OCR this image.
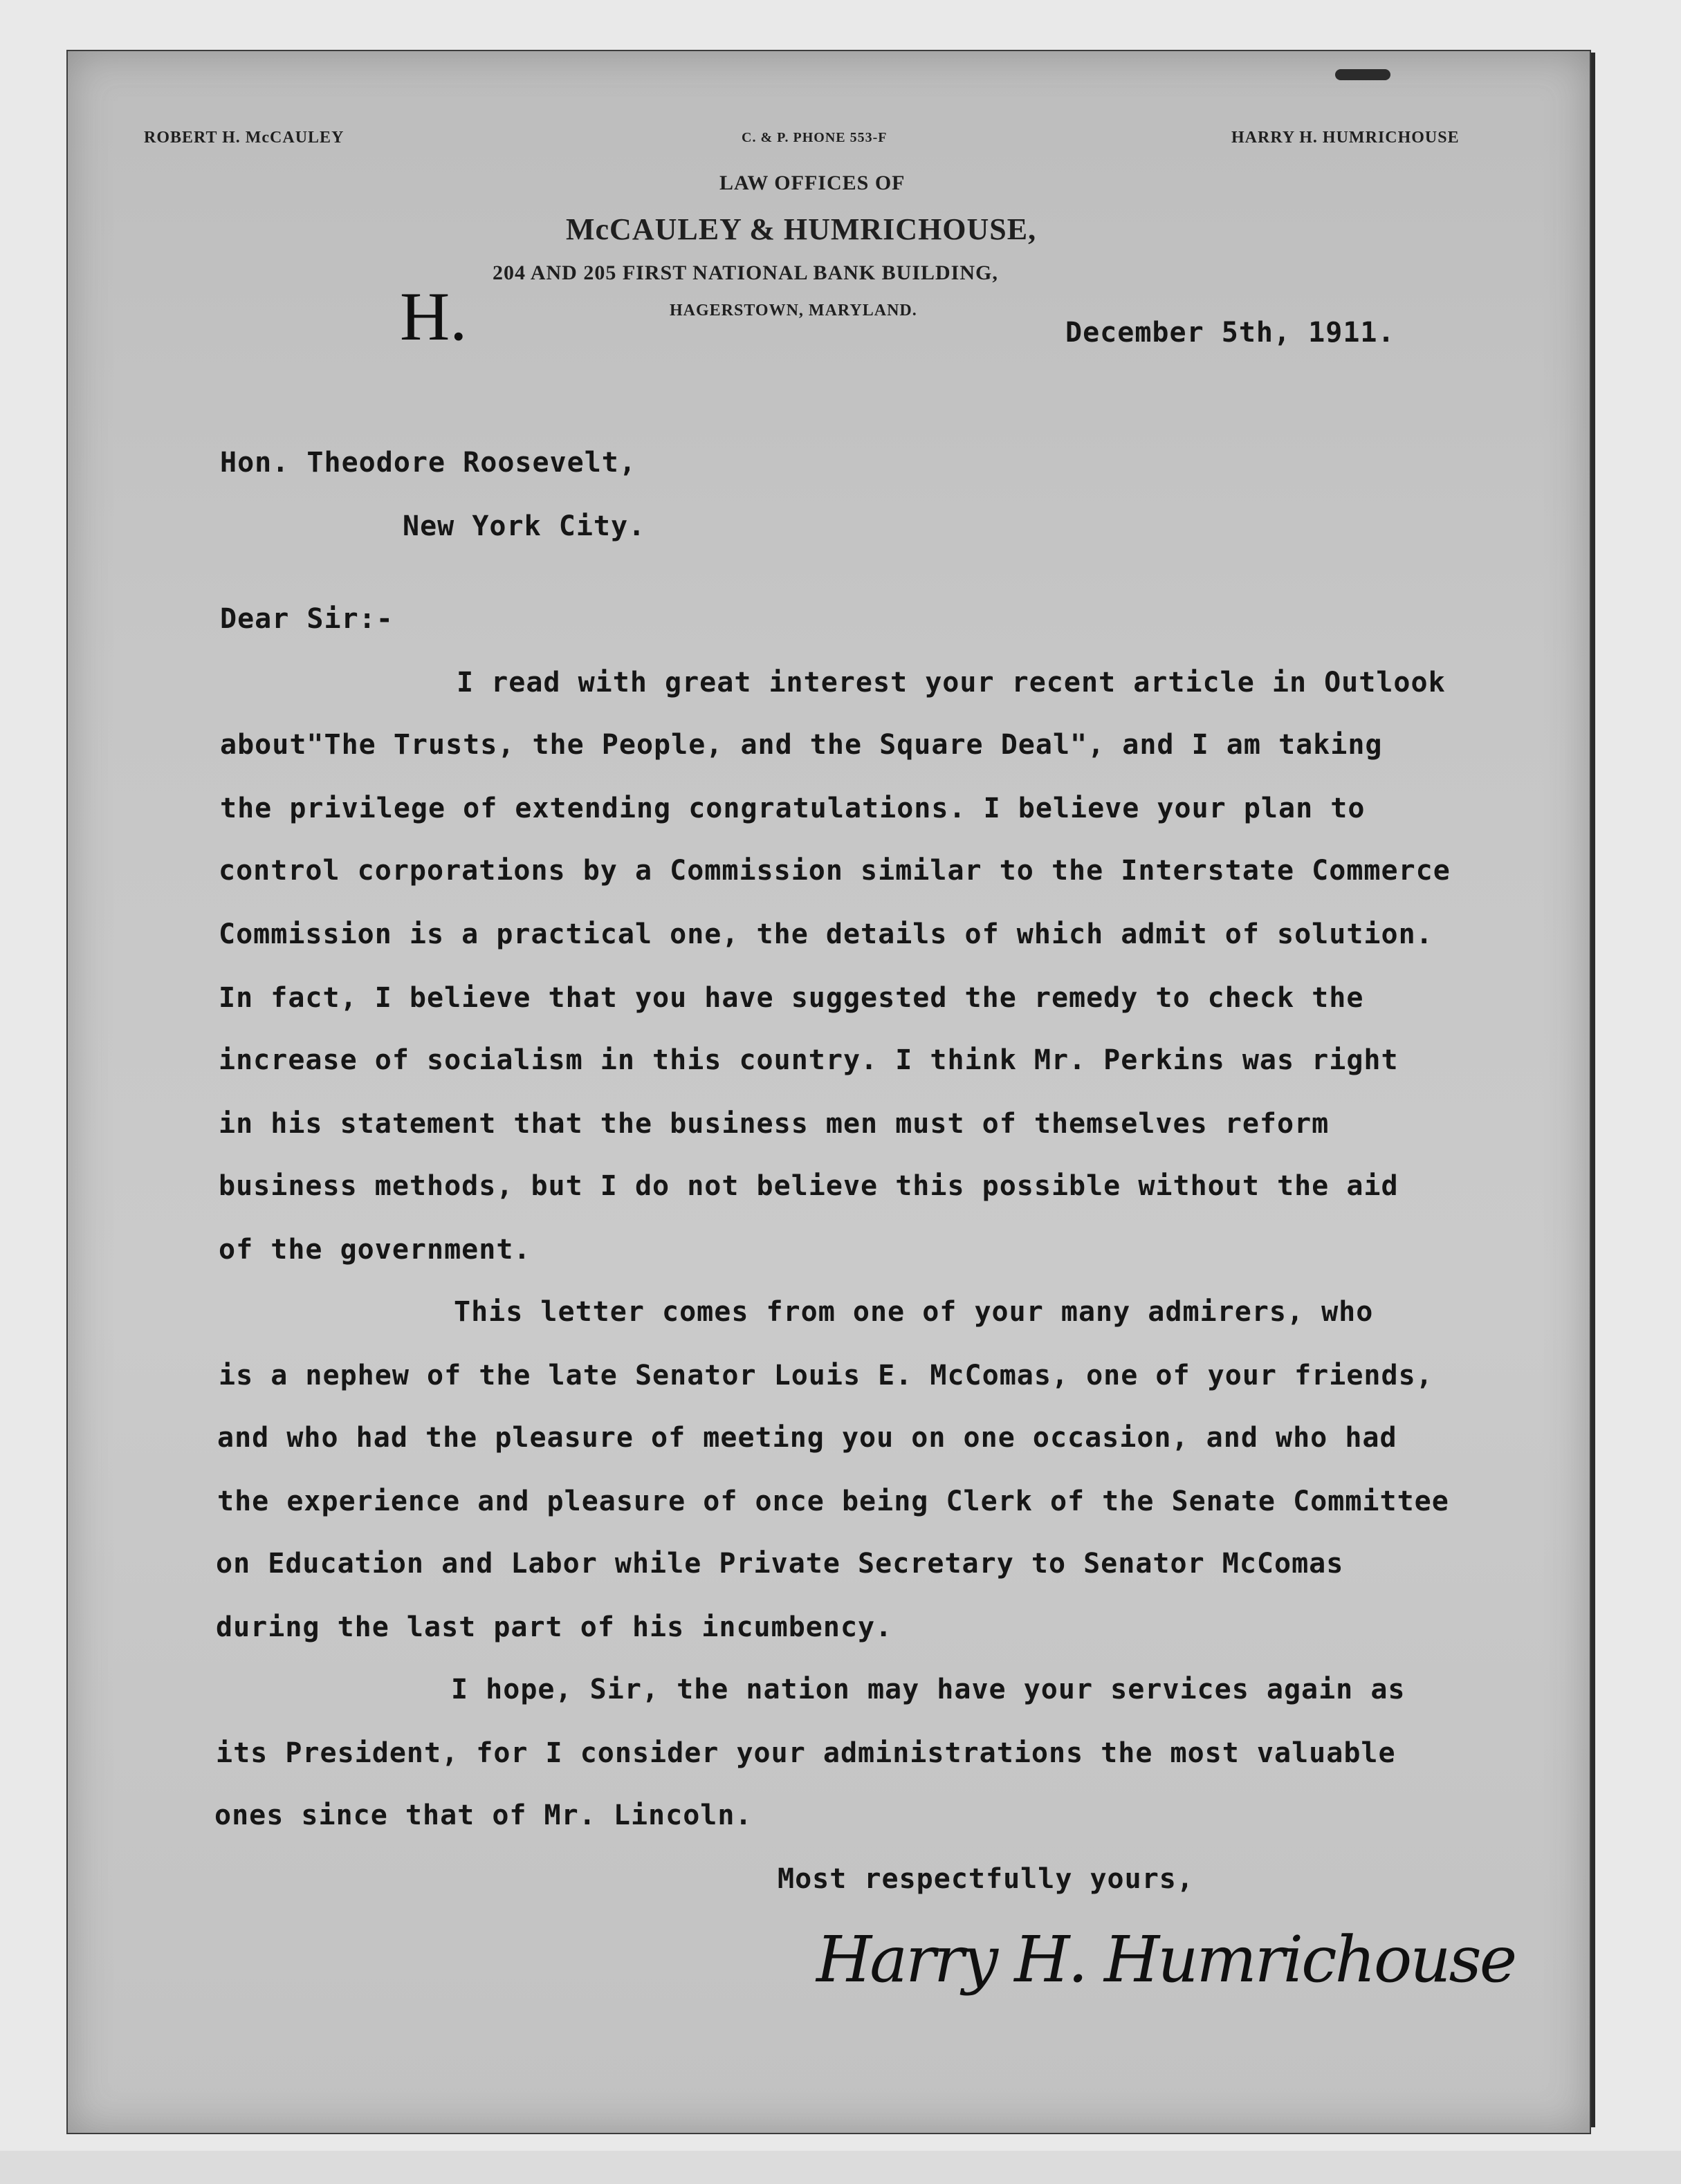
ROBERT H. McCAULEY	C. & P. PHONE 553-F	HARRY H. HUMRICHOUSE
LAW OFFICES OF
McCAULEY & HUMRICHOUSE,
204 AND 205 FIRST NATIONAL BANK BUILDING,
HAGERSTOWN, MARYLAND.
H.	December 5th, 1911.
Hon. Theodore Roosevelt,
New York City.
Dear Sir:-
I read with great interest your recent article in Outlook
about"The Trusts, the People, and the Square Deal", and I am taking
the privilege of extending congratulations. I believe your plan to
control corporations by a Commission similar to the Interstate Commerce
Commission is a practical one, the details of which admit of solution.
In fact, I believe that you have suggested the remedy to check the
increase of socialism in this country. I think Mr. Perkins was right
in his statement that the business men must of themselves reform
business methods, but I do not believe this possible without the aid
of the government.
This letter comes from one of your many admirers, who
is a nephew of the late Senator Louis E. McComas, one of your friends,
and who had the pleasure of meeting you on one occasion, and who had
the experience and pleasure of once being Clerk of the Senate Committee
on Education and Labor while Private Secretary to Senator McComas
during the last part of his incumbency.
I hope, Sir, the nation may have your services again as
its President, for I consider your administrations the most valuable
ones since that of Mr. Lincoln.
Most respectfully yours,
Harry H. Humrichouse
